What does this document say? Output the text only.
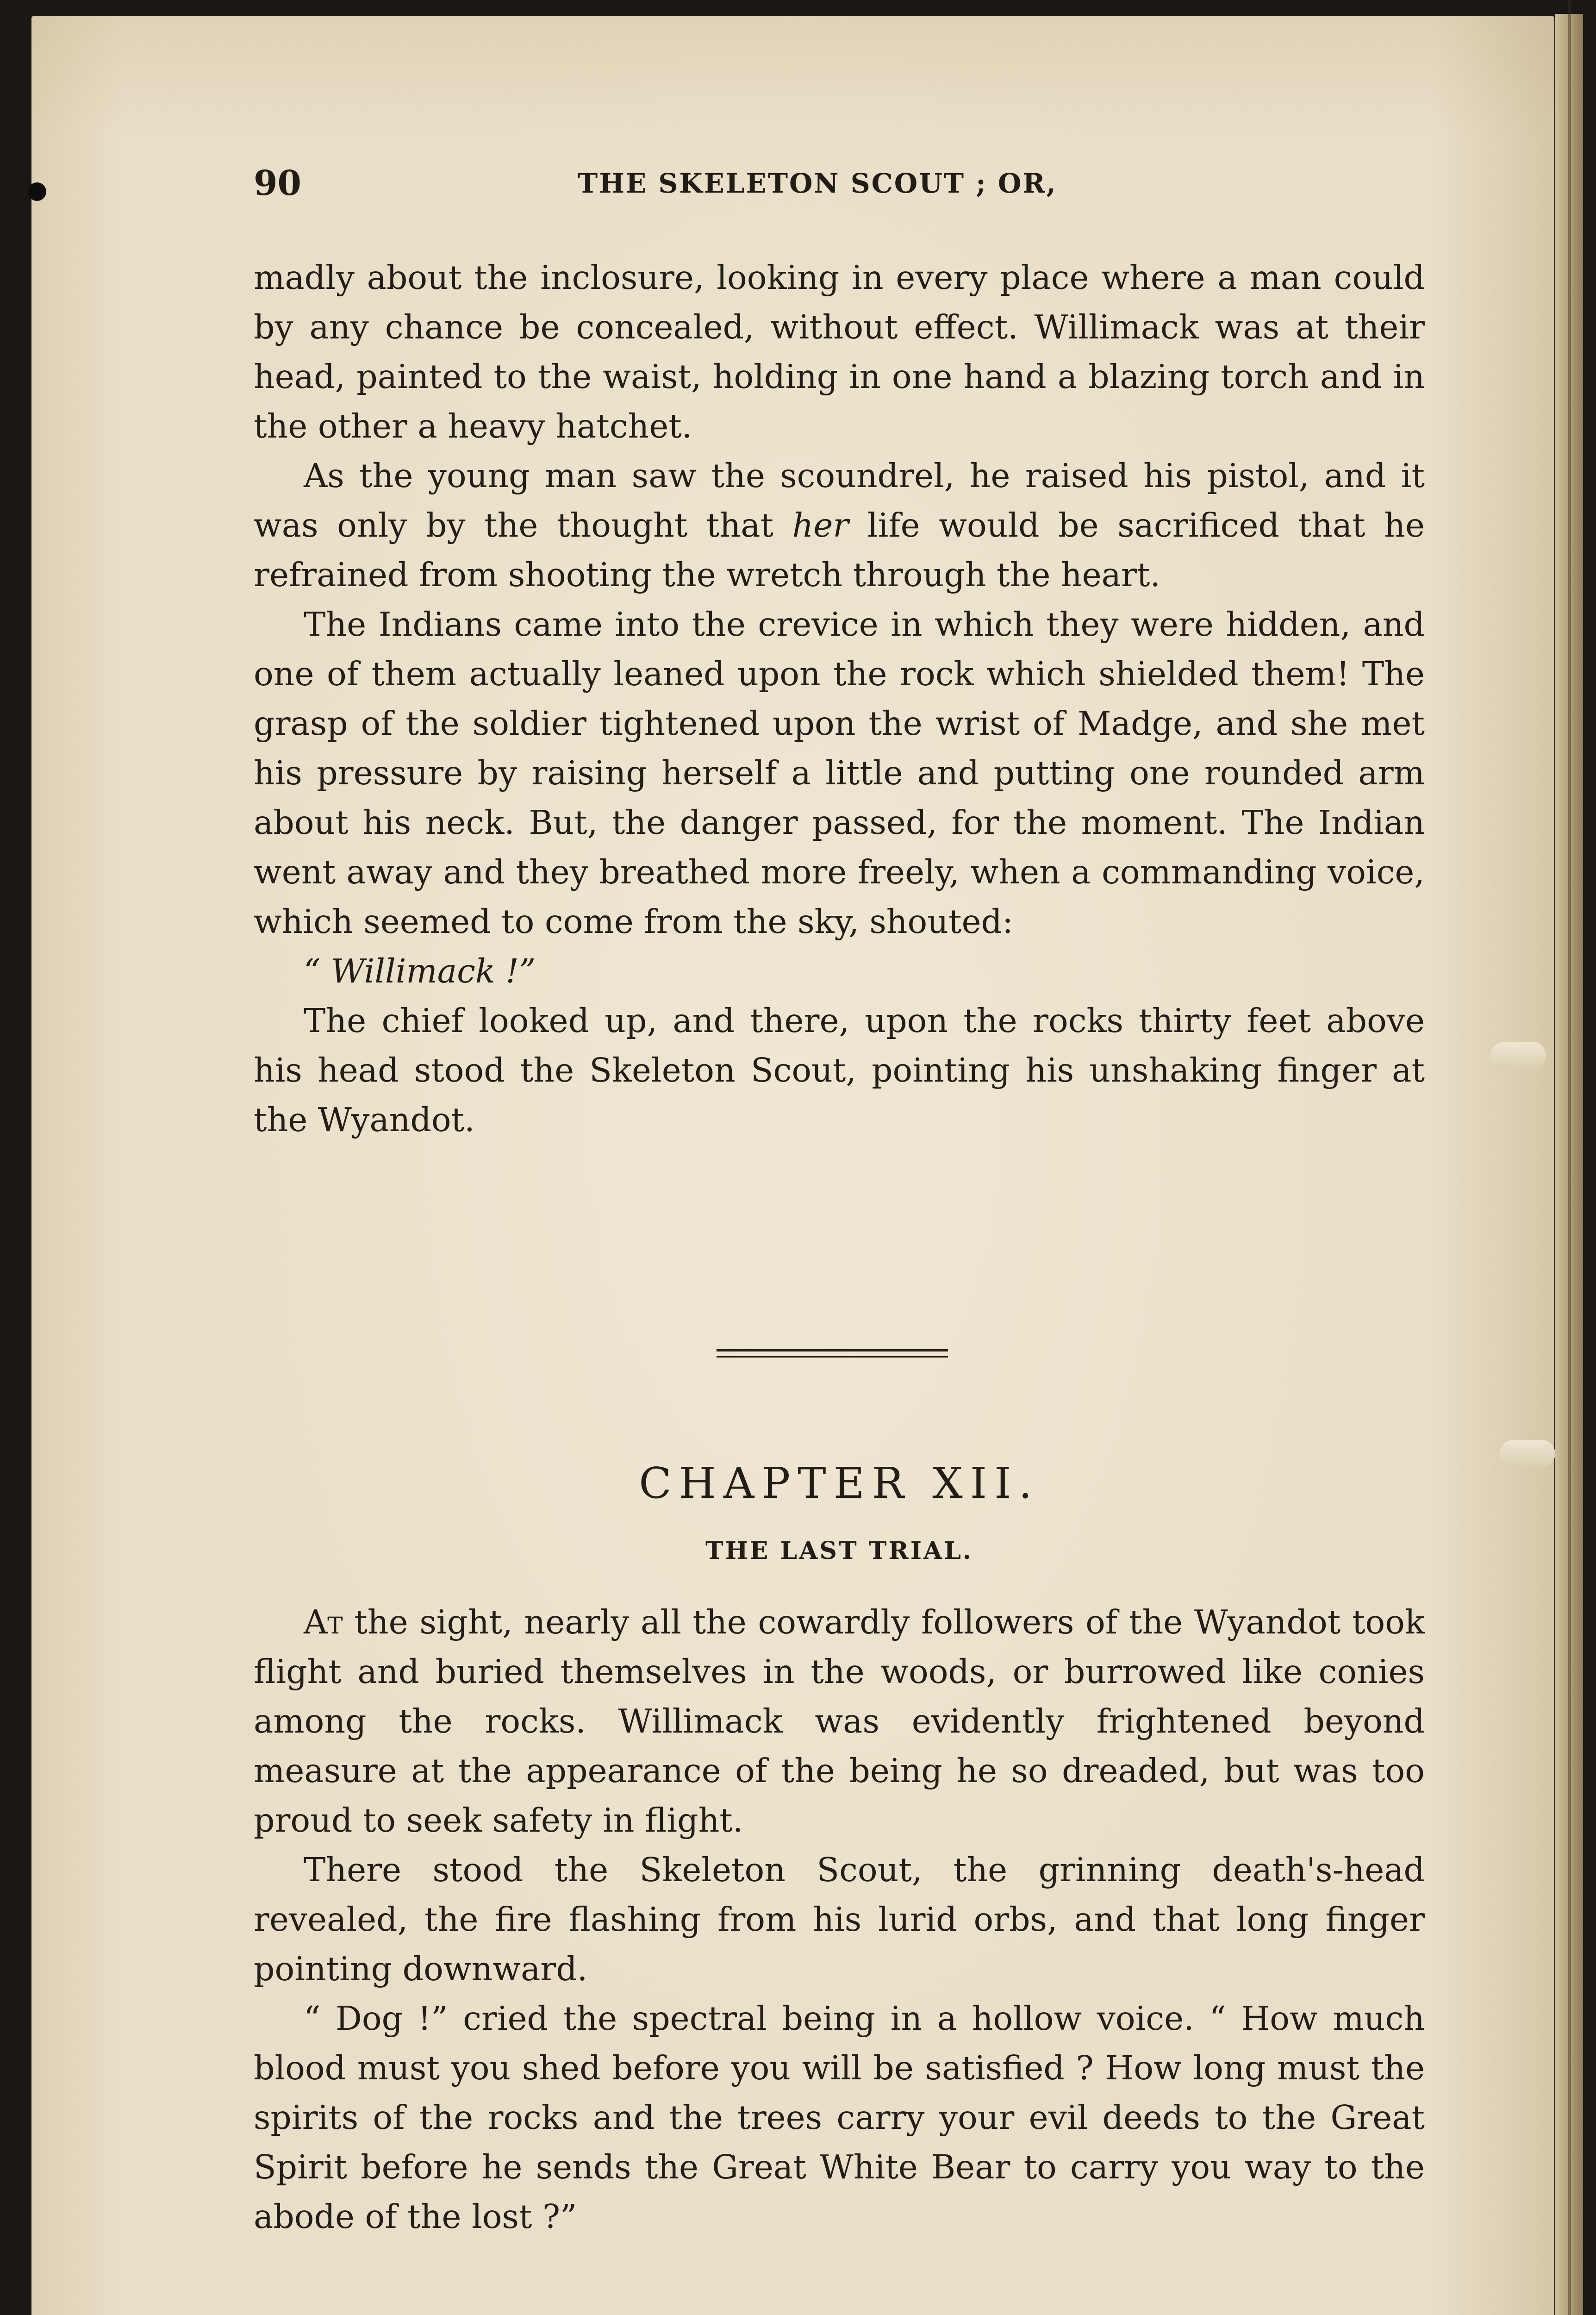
90	THE SKELETON SCOUT ; OR,

madly about the inclosure, looking in every place where a man could by any chance be concealed, without effect. Willimack was at their head, painted to the waist, holding in one hand a blazing torch and in the other a heavy hatchet.

As the young man saw the scoundrel, he raised his pistol, and it was only by the thought that her life would be sacrificed that he refrained from shooting the wretch through the heart.

The Indians came into the crevice in which they were hidden, and one of them actually leaned upon the rock which shielded them! The grasp of the soldier tightened upon the wrist of Madge, and she met his pressure by raising herself a little and putting one rounded arm about his neck. But, the danger passed, for the moment. The Indian went away and they breathed more freely, when a commanding voice, which seemed to come from the sky, shouted:

“ Willimack !”

The chief looked up, and there, upon the rocks thirty feet above his head stood the Skeleton Scout, pointing his unshaking finger at the Wyandot.

CHAPTER XII.
THE LAST TRIAL.

At the sight, nearly all the cowardly followers of the Wyandot took flight and buried themselves in the woods, or burrowed like conies among the rocks. Willimack was evidently frightened beyond measure at the appearance of the being he so dreaded, but was too proud to seek safety in flight.

There stood the Skeleton Scout, the grinning death's-head revealed, the fire flashing from his lurid orbs, and that long finger pointing downward.

“ Dog !” cried the spectral being in a hollow voice. “ How much blood must you shed before you will be satisfied ? How long must the spirits of the rocks and the trees carry your evil deeds to the Great Spirit before he sends the Great White Bear to carry you way to the abode of the lost ?”
